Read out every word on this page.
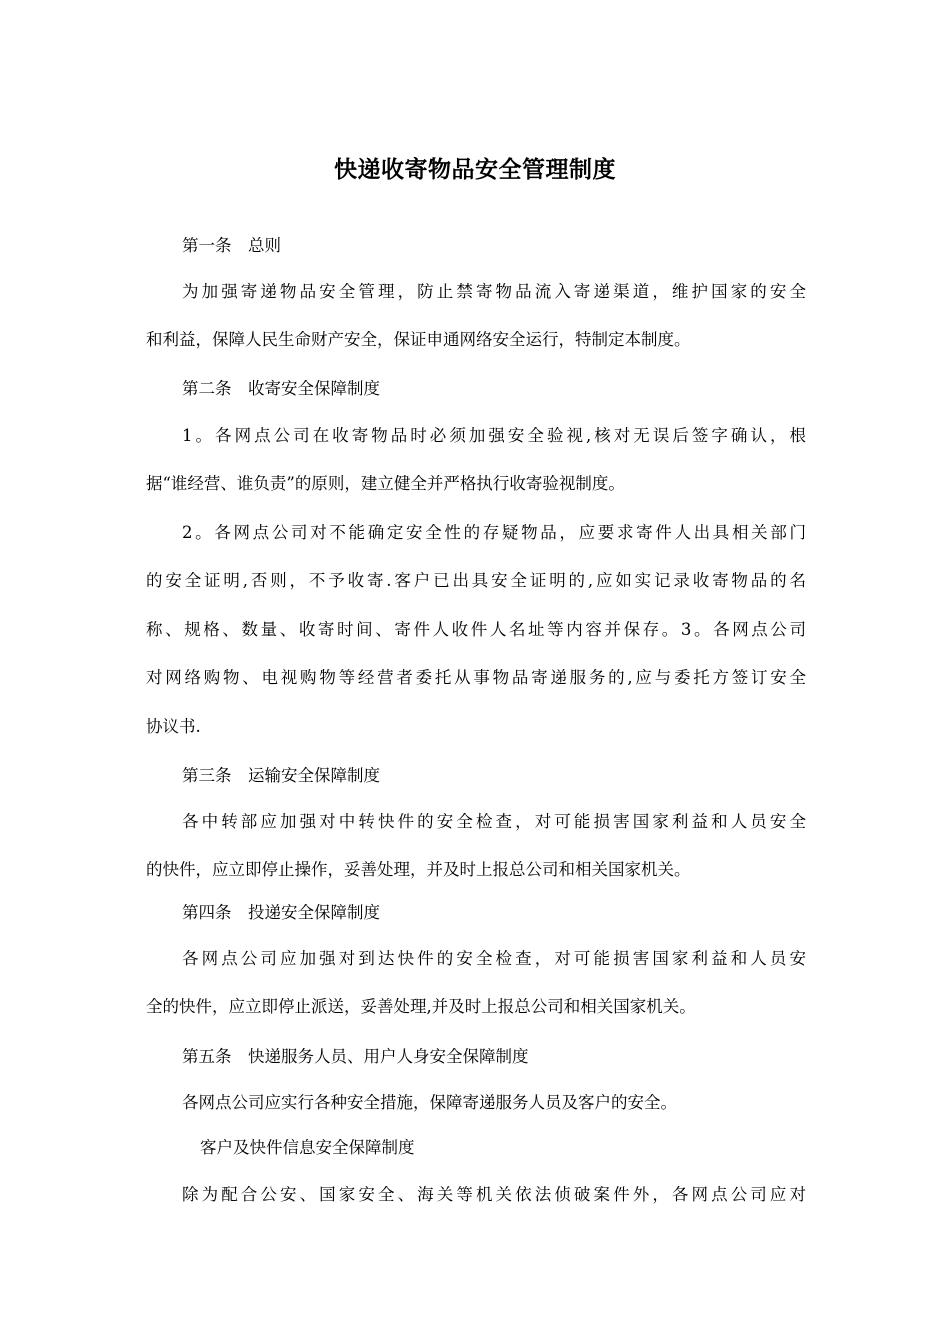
快递收寄物品安全管理制度
第一条　总则
为加强寄递物品安全管理，防止禁寄物品流入寄递渠道，维护国家的安全
和利益，保障人民生命财产安全，保证申通网络安全运行，特制定本制度。
第二条　收寄安全保障制度
1。各网点公司在收寄物品时必须加强安全验视,核对无误后签字确认，根
据“谁经营、谁负责”的原则，建立健全并严格执行收寄验视制度。
2。各网点公司对不能确定安全性的存疑物品，应要求寄件人出具相关部门
的安全证明,否则，不予收寄.客户已出具安全证明的,应如实记录收寄物品的名
称、规格、数量、收寄时间、寄件人收件人名址等内容并保存。3。各网点公司
对网络购物、电视购物等经营者委托从事物品寄递服务的,应与委托方签订安全
协议书.
第三条　运输安全保障制度
各中转部应加强对中转快件的安全检查，对可能损害国家利益和人员安全
的快件，应立即停止操作，妥善处理，并及时上报总公司和相关国家机关。
第四条　投递安全保障制度
各网点公司应加强对到达快件的安全检查，对可能损害国家利益和人员安
全的快件，应立即停止派送，妥善处理,并及时上报总公司和相关国家机关。
第五条　快递服务人员、用户人身安全保障制度
各网点公司应实行各种安全措施，保障寄递服务人员及客户的安全。
客户及快件信息安全保障制度
除为配合公安、国家安全、海关等机关依法侦破案件外，各网点公司应对
